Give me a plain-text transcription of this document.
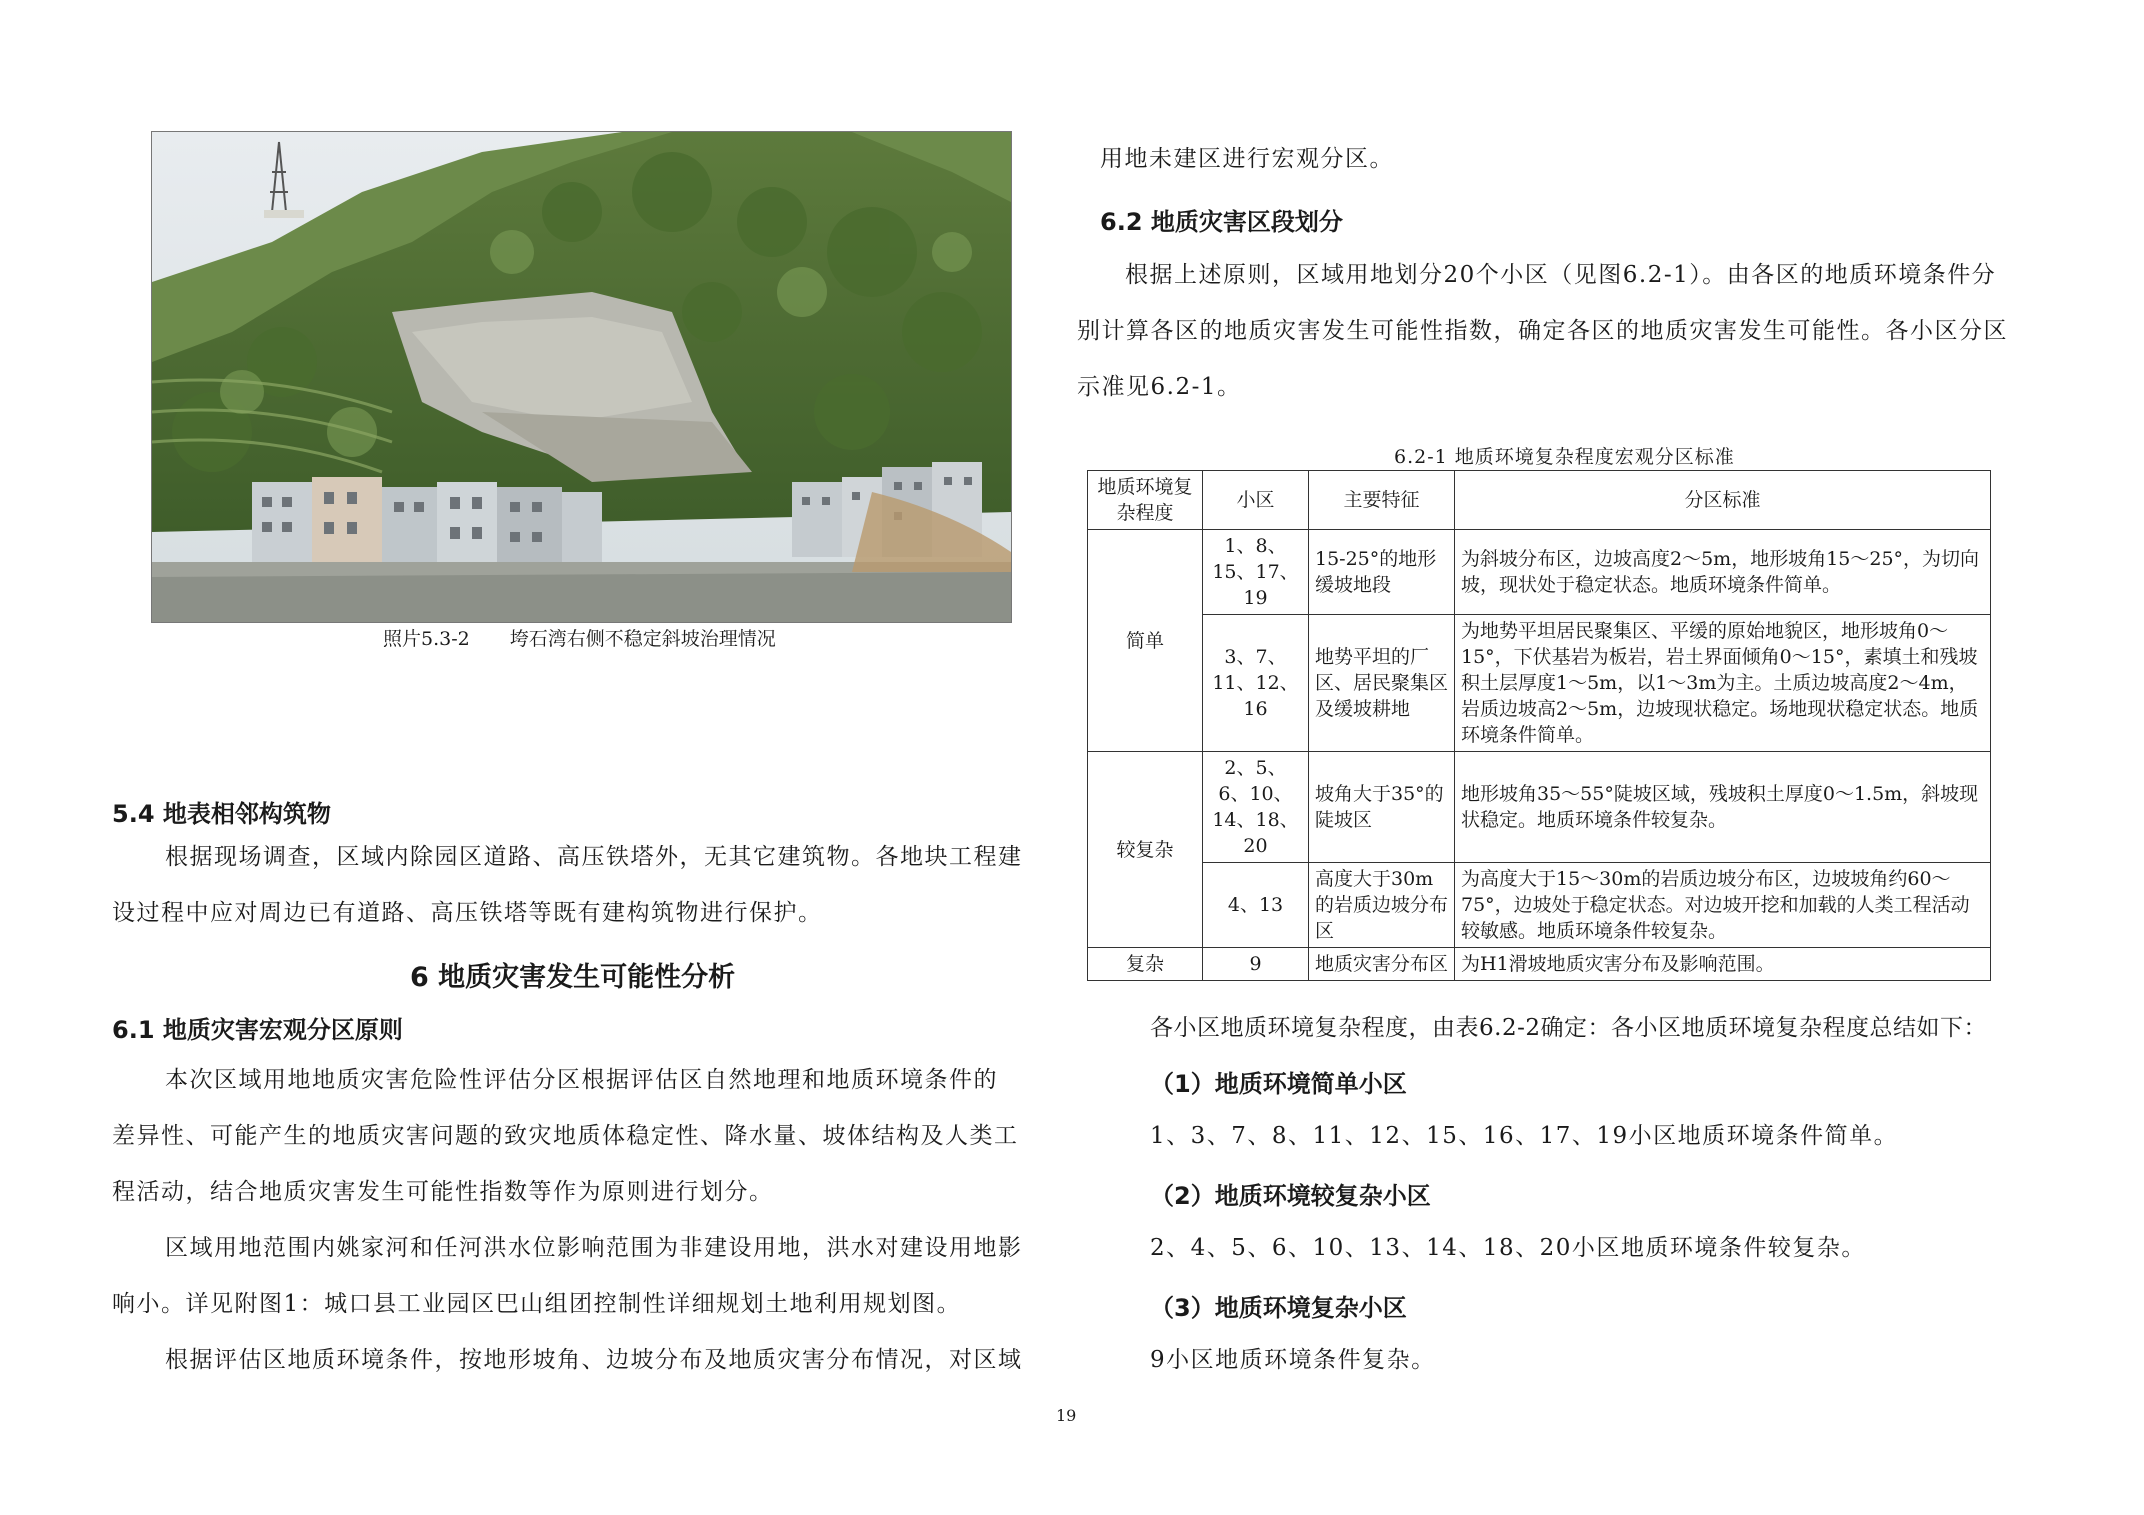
照片5.3-2 垮石湾右侧不稳定斜坡治理情况
5.4 地表相邻构筑物
根据现场调查，区域内除园区道路、高压铁塔外，无其它建筑物。各地块工程建
设过程中应对周边已有道路、高压铁塔等既有建构筑物进行保护。
6 地质灾害发生可能性分析
6.1 地质灾害宏观分区原则
本次区域用地地质灾害危险性评估分区根据评估区自然地理和地质环境条件的
差异性、可能产生的地质灾害问题的致灾地质体稳定性、降水量、坡体结构及人类工
程活动，结合地质灾害发生可能性指数等作为原则进行划分。
区域用地范围内姚家河和任河洪水位影响范围为非建设用地，洪水对建设用地影
响小。详见附图1：城口县工业园区巴山组团控制性详细规划土地利用规划图。
根据评估区地质环境条件，按地形坡角、边坡分布及地质灾害分布情况，对区域
用地未建区进行宏观分区。
6.2 地质灾害区段划分
根据上述原则，区域用地划分20个小区（见图6.2-1）。由各区的地质环境条件分
别计算各区的地质灾害发生可能性指数，确定各区的地质灾害发生可能性。各小区分区
示准见6.2-1。
6.2-1 地质环境复杂程度宏观分区标准
地质环境复杂程度	小区	主要特征	分区标准
简单	1、8、15、17、19	15-25°的地形缓坡地段	为斜坡分布区，边坡高度2～5m，地形坡角15～25°，为切向坡，现状处于稳定状态。地质环境条件简单。
	3、7、11、12、16	地势平坦的厂区、居民聚集区及缓坡耕地	为地势平坦居民聚集区、平缓的原始地貌区，地形坡角0～15°，下伏基岩为板岩，岩土界面倾角0～15°，素填土和残坡积土层厚度1～5m，以1～3m为主。土质边坡高度2～4m，岩质边坡高2～5m，边坡现状稳定。场地现状稳定状态。地质环境条件简单。
较复杂	2、5、6、10、14、18、20	坡角大于35°的陡坡区	地形坡角35～55°陡坡区域，残坡积土厚度0～1.5m，斜坡现状稳定。地质环境条件较复杂。
	4、13	高度大于30m的岩质边坡分布区	为高度大于15～30m的岩质边坡分布区，边坡坡角约60～75°，边坡处于稳定状态。对边坡开挖和加载的人类工程活动较敏感。地质环境条件较复杂。
复杂	9	地质灾害分布区	为H1滑坡地质灾害分布及影响范围。
各小区地质环境复杂程度，由表6.2-2确定：各小区地质环境复杂程度总结如下：
（1）地质环境简单小区
1、3、7、8、11、12、15、16、17、19小区地质环境条件简单。
（2）地质环境较复杂小区
2、4、5、6、10、13、14、18、20小区地质环境条件较复杂。
（3）地质环境复杂小区
9小区地质环境条件复杂。
19
